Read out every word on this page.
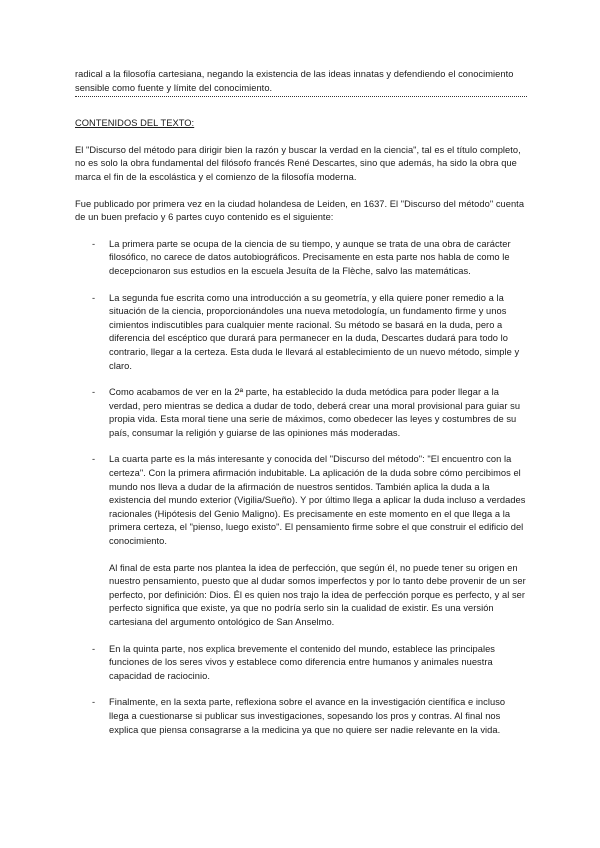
radical a la filosofía cartesiana, negando la existencia de las ideas innatas y defendiendo el conocimiento sensible como fuente y límite del conocimiento.

CONTENIDOS DEL TEXTO:

El "Discurso del método para dirigir bien la razón y buscar la verdad en la ciencia", tal es el título completo, no es solo la obra fundamental del filósofo francés René Descartes, sino que además, ha sido la obra que marca el fin de la escolástica y el comienzo de la filosofía moderna.

Fue publicado por primera vez en la ciudad holandesa de Leiden, en 1637. El "Discurso del método" cuenta de un buen prefacio y 6 partes cuyo contenido es el siguiente:

- La primera parte se ocupa de la ciencia de su tiempo, y aunque se trata de una obra de carácter filosófico, no carece de datos autobiográficos. Precisamente en esta parte nos habla de como le decepcionaron sus estudios en la escuela Jesuíta de la Flèche, salvo las matemáticas.

- La segunda fue escrita como una introducción a su geometría, y ella quiere poner remedio a la situación de la ciencia, proporcionándoles una nueva metodología, un fundamento firme y unos cimientos indiscutibles para cualquier mente racional. Su método se basará en la duda, pero a diferencia del escéptico que durará para permanecer en la duda, Descartes dudará para todo lo contrario, llegar a la certeza. Esta duda le llevará al establecimiento de un nuevo método, simple y claro.

- Como acabamos de ver en la 2ª parte, ha establecido la duda metódica para poder llegar a la verdad, pero mientras se dedica a dudar de todo, deberá crear una moral provisional para guiar su propia vida. Esta moral tiene una serie de máximos, como obedecer las leyes y costumbres de su país, consumar la religión y guiarse de las opiniones más moderadas.

- La cuarta parte es la más interesante y conocida del "Discurso del método": "El encuentro con la certeza". Con la primera afirmación indubitable. La aplicación de la duda sobre cómo percibimos el mundo nos lleva a dudar de la afirmación de nuestros sentidos. También aplica la duda a la existencia del mundo exterior (Vigilia/Sueño). Y por último llega a aplicar la duda incluso a verdades racionales (Hipótesis del Genio Maligno). Es precisamente en este momento en el que llega a la primera certeza, el "pienso, luego existo". El pensamiento firme sobre el que construir el edificio del conocimiento.

Al final de esta parte nos plantea la idea de perfección, que según él, no puede tener su origen en nuestro pensamiento, puesto que al dudar somos imperfectos y por lo tanto debe provenir de un ser perfecto, por definición: Dios. Él es quien nos trajo la idea de perfección porque es perfecto, y al ser perfecto significa que existe, ya que no podría serlo sin la cualidad de existir. Es una versión cartesiana del argumento ontológico de San Anselmo.

- En la quinta parte, nos explica brevemente el contenido del mundo, establece las principales funciones de los seres vivos y establece como diferencia entre humanos y animales nuestra capacidad de raciocinio.

- Finalmente, en la sexta parte, reflexiona sobre el avance en la investigación científica e incluso llega a cuestionarse si publicar sus investigaciones, sopesando los pros y contras. Al final nos explica que piensa consagrarse a la medicina ya que no quiere ser nadie relevante en la vida.
